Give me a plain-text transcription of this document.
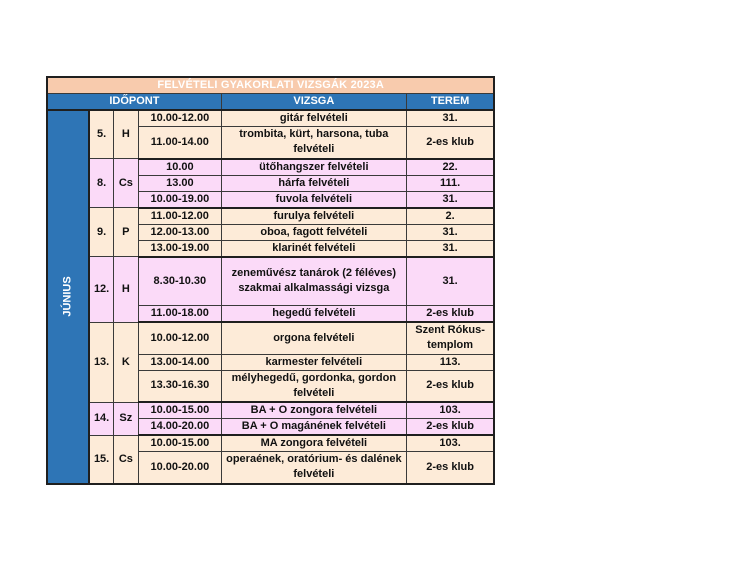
FELVÉTELI GYAKORLATI VIZSGÁK 2023A					
IDŐPONT				VIZSGA	TEREM
JÚNIUS	5.	H	10.00-12.00	gitár felvételi	31.
			11.00-14.00	trombita, kürt, harsona, tuba felvételi	2-es klub
	8.	Cs	10.00	ütőhangszer felvételi	22.
			13.00	hárfa felvételi	111.
			10.00-19.00	fuvola felvételi	31.
	9.	P	11.00-12.00	furulya felvételi	2.
			12.00-13.00	oboa, fagott felvételi	31.
			13.00-19.00	klarinét felvételi	31.
	12.	H	8.30-10.30	zeneművész tanárok (2 féléves) szakmai alkalmassági vizsga	31.
			11.00-18.00	hegedű felvételi	2-es klub
	13.	K	10.00-12.00	orgona felvételi	Szent Rókus-templom
			13.00-14.00	karmester felvételi	113.
			13.30-16.30	mélyhegedű, gordonka, gordon felvételi	2-es klub
	14.	Sz	10.00-15.00	BA + O zongora felvételi	103.
			14.00-20.00	BA + O magánének felvételi	2-es klub
	15.	Cs	10.00-15.00	MA zongora felvételi	103.
			10.00-20.00	operaének, oratórium- és dalének felvételi	2-es klub
